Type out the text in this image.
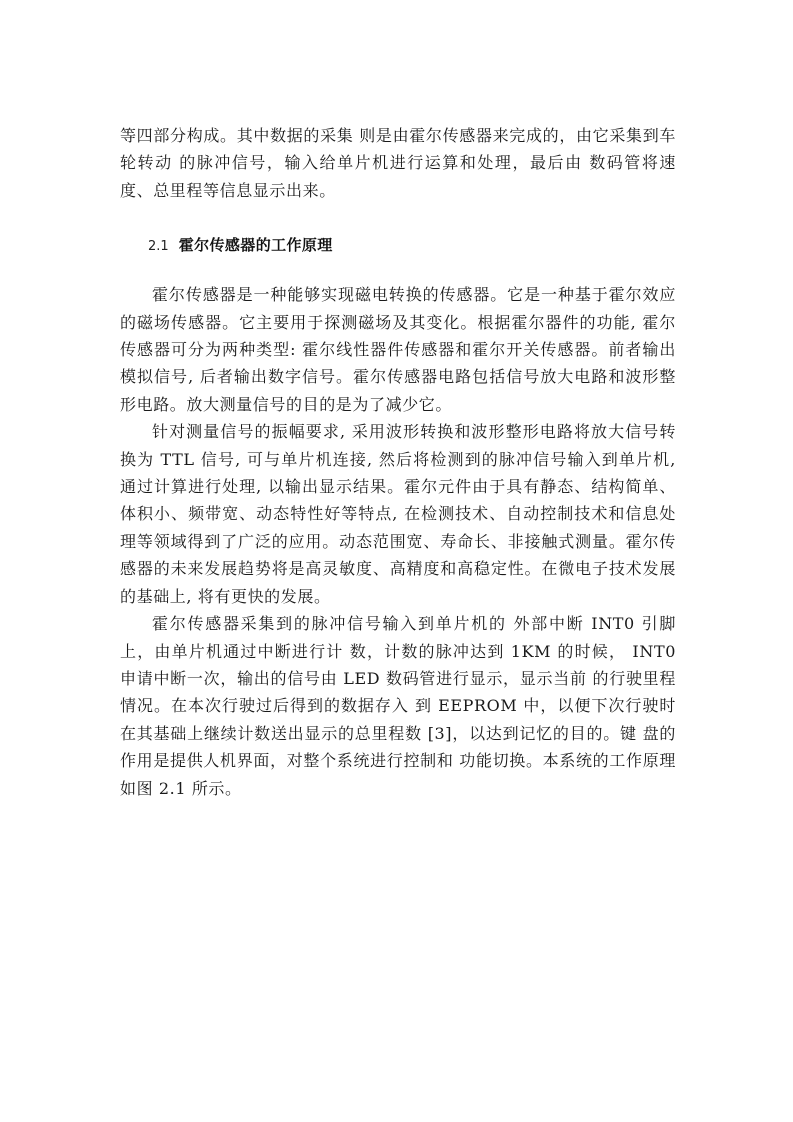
等四部分构成。其中数据的采集 则是由霍尔传感器来完成的，由它采集到车轮转动 的脉冲信号，输入给单片机进行运算和处理，最后由 数码管将速度、总里程等信息显示出来。

2.1 霍尔传感器的工作原理

霍尔传感器是一种能够实现磁电转换的传感器。它是一种基于霍尔效应的磁场传感器。它主要用于探测磁场及其变化。根据霍尔器件的功能, 霍尔传感器可分为两种类型: 霍尔线性器件传感器和霍尔开关传感器。前者输出模拟信号, 后者输出数字信号。霍尔传感器电路包括信号放大电路和波形整形电路。放大测量信号的目的是为了减少它。

针对测量信号的振幅要求, 采用波形转换和波形整形电路将放大信号转换为 TTL 信号, 可与单片机连接, 然后将检测到的脉冲信号输入到单片机, 通过计算进行处理, 以输出显示结果。霍尔元件由于具有静态、结构简单、体积小、频带宽、动态特性好等特点, 在检测技术、自动控制技术和信息处理等领域得到了广泛的应用。动态范围宽、寿命长、非接触式测量。霍尔传感器的未来发展趋势将是高灵敏度、高精度和高稳定性。在微电子技术发展的基础上, 将有更快的发展。

霍尔传感器采集到的脉冲信号输入到单片机的 外部中断 INT0 引脚上，由单片机通过中断进行计 数，计数的脉冲达到 1KM 的时候， INT0 申请中断一次，输出的信号由 LED 数码管进行显示，显示当前 的行驶里程情况。在本次行驶过后得到的数据存入 到 EEPROM 中，以便下次行驶时在其基础上继续计数送出显示的总里程数 [3]，以达到记忆的目的。键 盘的作用是提供人机界面，对整个系统进行控制和 功能切换。本系统的工作原理如图 2.1 所示。
